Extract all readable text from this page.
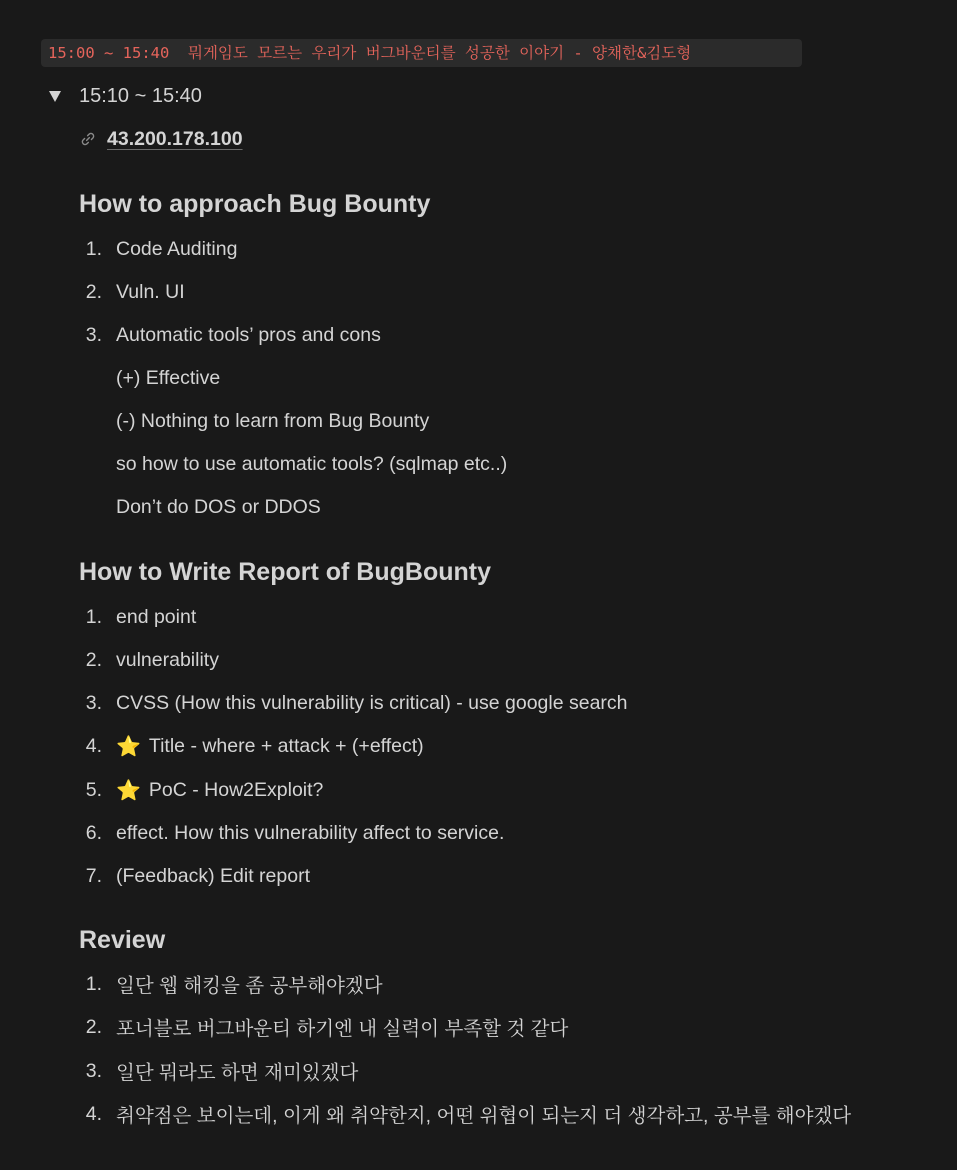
15:00 ~ 15:40  뭐게임도 모르는 우리가 버그바운티를 성공한 이야기 - 양채한&김도형
15:10 ~ 15:40
43.200.178.100
How to approach Bug Bounty
1. Code Auditing
2. Vuln. UI
3. Automatic tools’ pros and cons
(+) Effective
(-) Nothing to learn from Bug Bounty
so how to use automatic tools? (sqlmap etc..)
Don’t do DOS or DDOS
How to Write Report of BugBounty
1. end point
2. vulnerability
3. CVSS (How this vulnerability is critical) - use google search
4. ⭐ Title - where + attack + (+effect)
5. ⭐ PoC - How2Exploit?
6. effect. How this vulnerability affect to service.
7. (Feedback) Edit report
Review
1. 일단 웹 해킹을 좀 공부해야겠다
2. 포너블로 버그바운티 하기엔 내 실력이 부족할 것 같다
3. 일단 뭐라도 하면 재미있겠다
4. 취약점은 보이는데, 이게 왜 취약한지, 어떤 위협이 되는지 더 생각하고, 공부를 해야겠다
